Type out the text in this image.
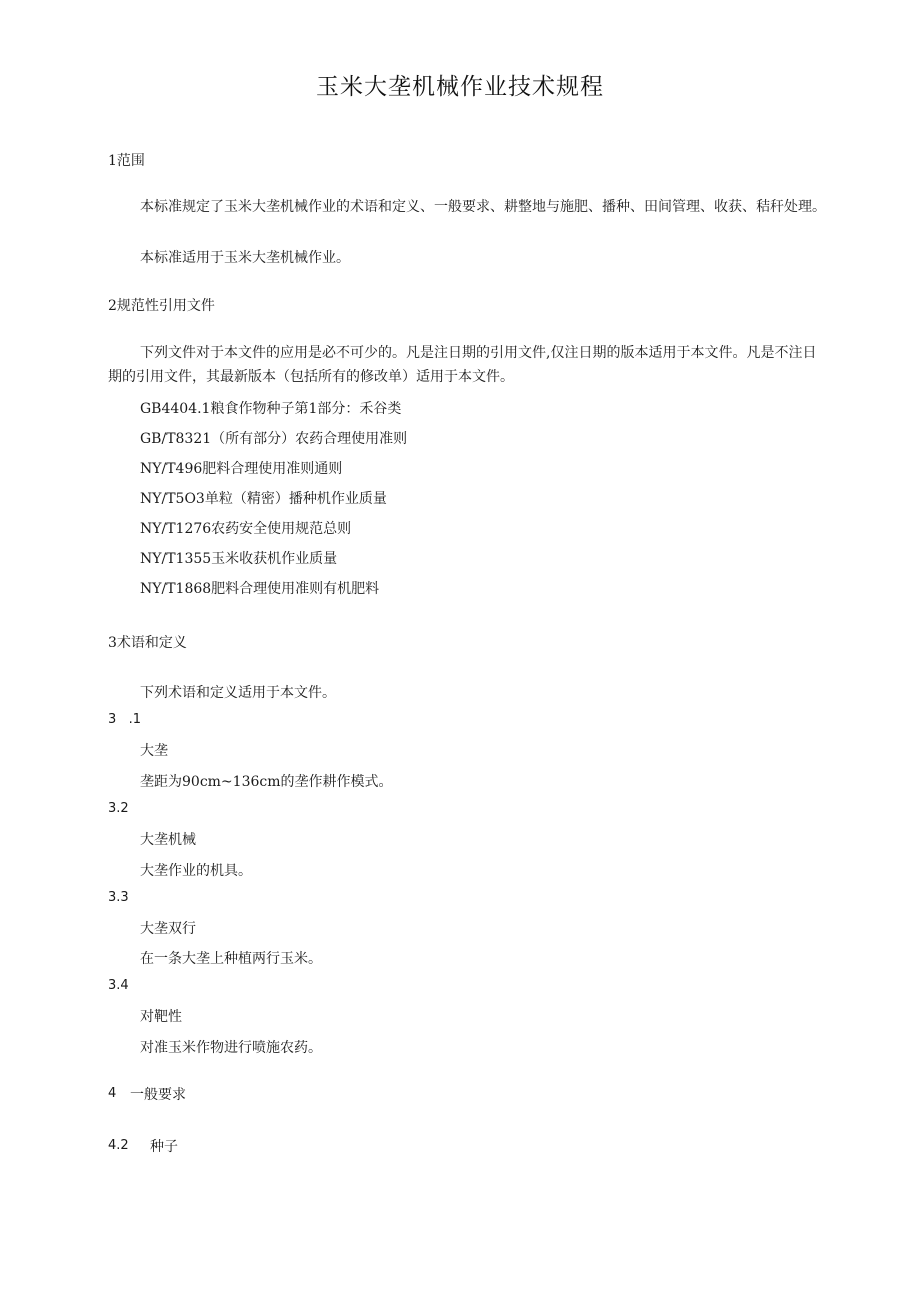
玉米大垄机械作业技术规程
1范围
本标准规定了玉米大垄机械作业的术语和定义、一般要求、耕整地与施肥、播种、田间管理、收获、秸秆处理。
本标准适用于玉米大垄机械作业。
2规范性引用文件
下列文件对于本文件的应用是必不可少的。凡是注日期的引用文件,仅注日期的版本适用于本文件。凡是不注日期的引用文件，其最新版本（包括所有的修改单）适用于本文件。
GB4404.1粮食作物种子第1部分：禾谷类
GB/T8321（所有部分）农药合理使用准则
NY/T496肥料合理使用准则通则
NY/T5O3单粒（精密）播种机作业质量
NY/T1276农药安全使用规范总则
NY/T1355玉米收获机作业质量
NY/T1868肥料合理使用准则有机肥料
3术语和定义
下列术语和定义适用于本文件。
3   .1
大垄
垄距为90cm~136cm的垄作耕作模式。
3.2
大垄机械
大垄作业的机具。
3.3
大垄双行
在一条大垄上种植两行玉米。
3.4
对靶性
对准玉米作物进行喷施农药。
4 一般要求
4.2 种子
